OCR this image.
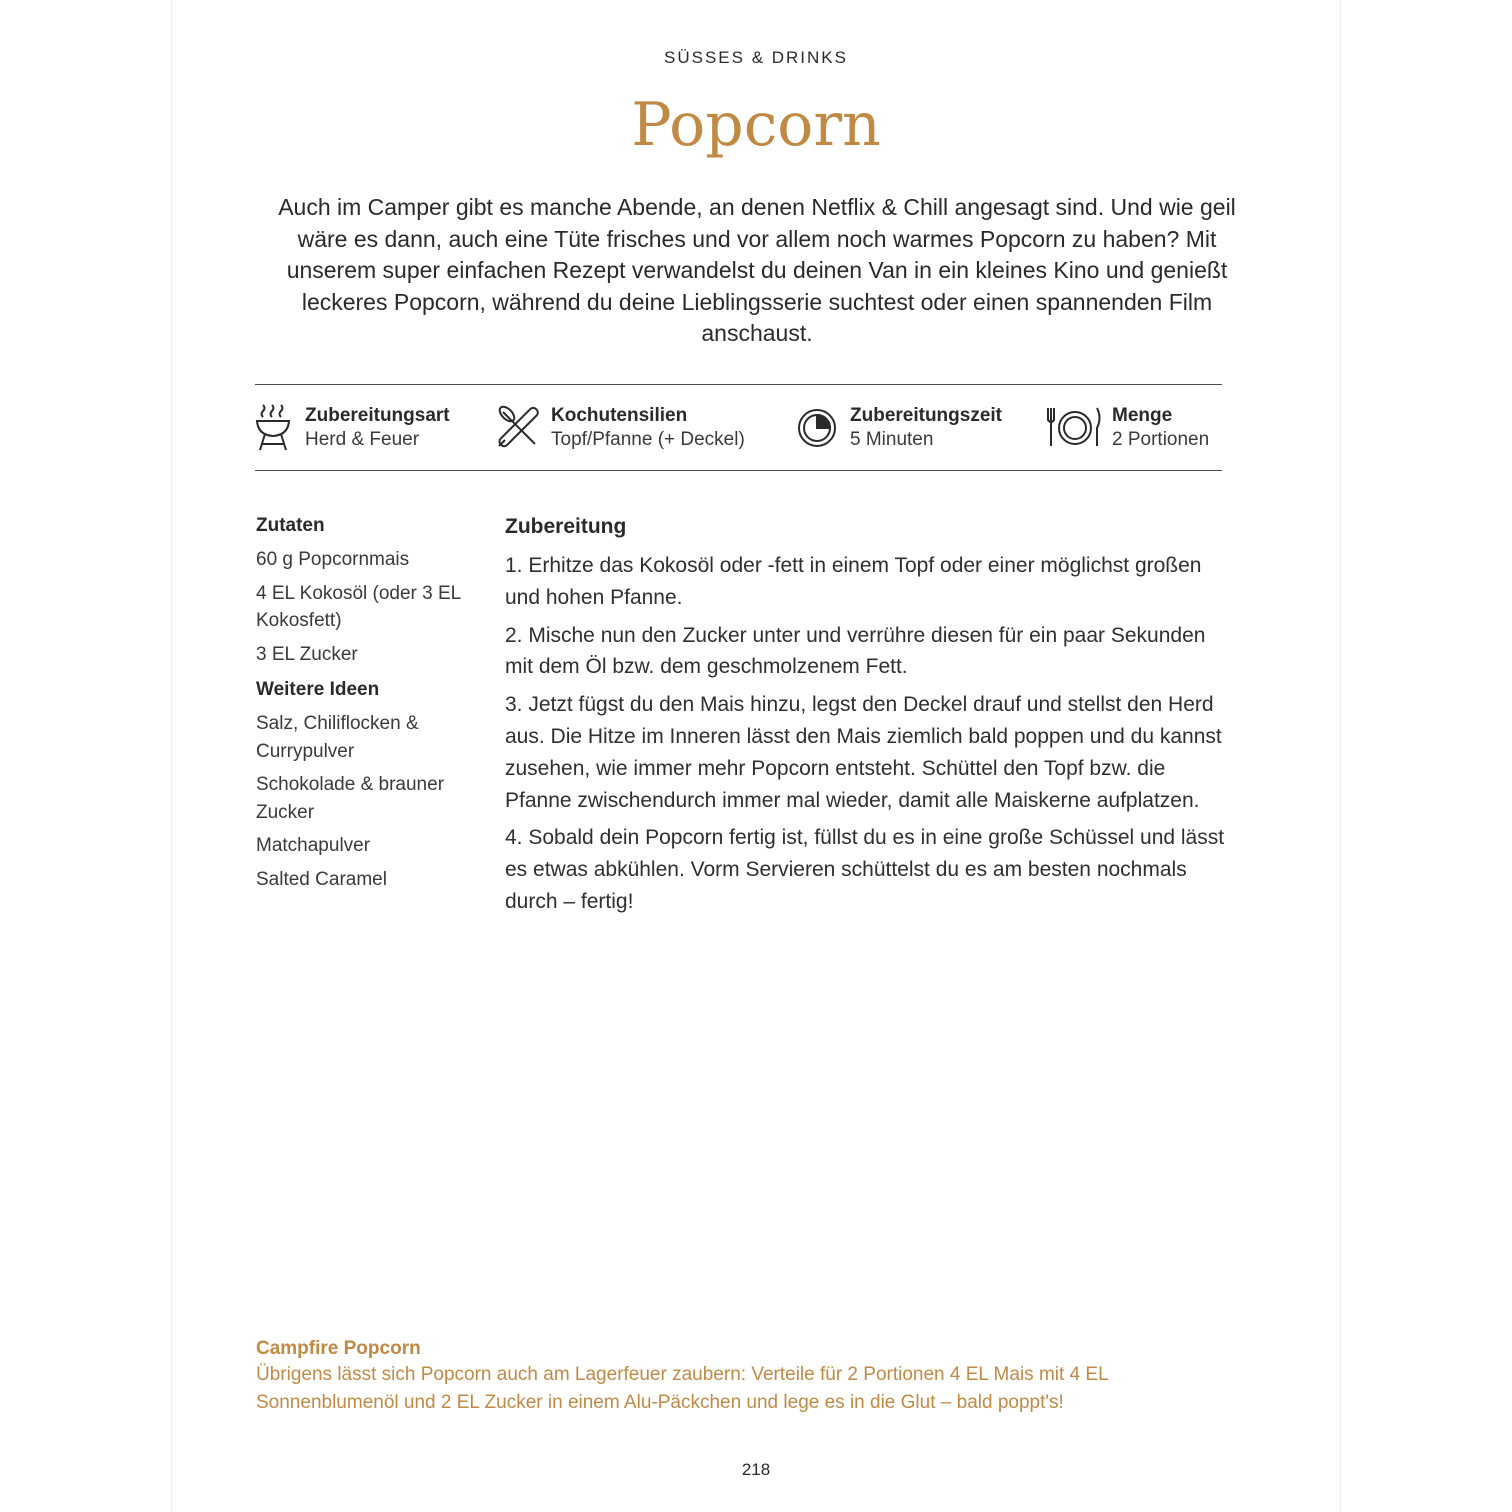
SÜSSES & DRINKS
Popcorn

Auch im Camper gibt es manche Abende, an denen Netflix & Chill angesagt sind. Und wie geil wäre es dann, auch eine Tüte frisches und vor allem noch warmes Popcorn zu haben? Mit unserem super einfachen Rezept verwandelst du deinen Van in ein kleines Kino und genießt leckeres Popcorn, während du deine Lieblingsserie suchtest oder einen spannenden Film anschaust.

Zubereitungsart
Herd & Feuer
Kochutensilien
Topf/Pfanne (+ Deckel)
Zubereitungszeit
5 Minuten
Menge
2 Portionen
Zutaten
60 g Popcornmais
4 EL Kokosöl (oder 3 EL Kokosfett)
3 EL Zucker
Weitere Ideen
Salz, Chiliflocken & Currypulver
Schokolade & brauner Zucker
Matchapulver
Salted Caramel
Zubereitung
1. Erhitze das Kokosöl oder -fett in einem Topf oder einer möglichst großen und hohen Pfanne.
2. Mische nun den Zucker unter und verrühre diesen für ein paar Sekunden mit dem Öl bzw. dem geschmolzenem Fett.
3. Jetzt fügst du den Mais hinzu, legst den Deckel drauf und stellst den Herd aus. Die Hitze im Inneren lässt den Mais ziemlich bald poppen und du kannst zusehen, wie immer mehr Popcorn entsteht. Schüttel den Topf bzw. die Pfanne zwischendurch immer mal wieder, damit alle Maiskerne aufplatzen.
4. Sobald dein Popcorn fertig ist, füllst du es in eine große Schüssel und lässt es etwas abkühlen. Vorm Servieren schüttelst du es am besten nochmals durch – fertig!
Campfire Popcorn
Übrigens lässt sich Popcorn auch am Lagerfeuer zaubern: Verteile für 2 Portionen 4 EL Mais mit 4 EL Sonnenblumenöl und 2 EL Zucker in einem Alu-Päckchen und lege es in die Glut – bald poppt's!
218
